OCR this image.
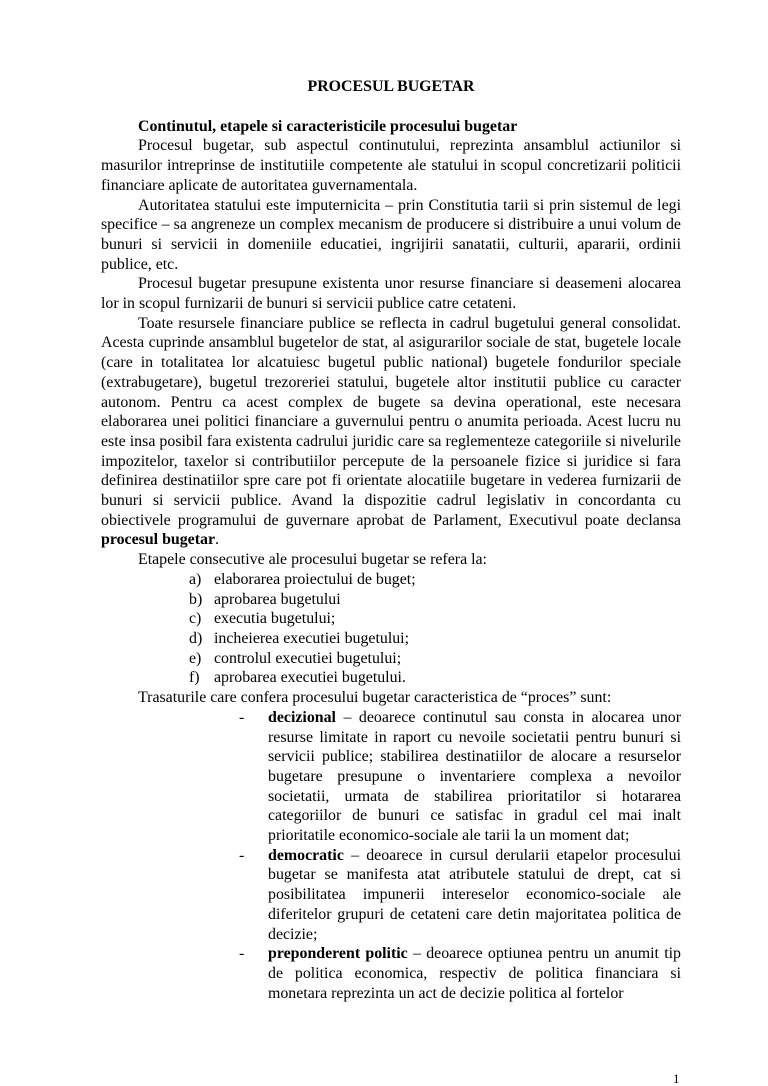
PROCESUL BUGETAR

Continutul, etapele si caracteristicile procesului bugetar

Procesul bugetar, sub aspectul continutului, reprezinta ansamblul actiunilor si masurilor intreprinse de institutiile competente ale statului in scopul concretizarii politicii financiare aplicate de autoritatea guvernamentala.

Autoritatea statului este imputernicita – prin Constitutia tarii si prin sistemul de legi specifice – sa angreneze un complex mecanism de producere si distribuire a unui volum de bunuri si servicii in domeniile educatiei, ingrijirii sanatatii, culturii, apararii, ordinii publice, etc.

Procesul bugetar presupune existenta unor resurse financiare si deasemeni alocarea lor in scopul furnizarii de bunuri si servicii publice catre cetateni.

Toate resursele financiare publice se reflecta in cadrul bugetului general consolidat. Acesta cuprinde ansamblul bugetelor de stat, al asigurarilor sociale de stat, bugetele locale (care in totalitatea lor alcatuiesc bugetul public national) bugetele fondurilor speciale (extrabugetare), bugetul trezoreriei statului, bugetele altor institutii publice cu caracter autonom. Pentru ca acest complex de bugete sa devina operational, este necesara elaborarea unei politici financiare a guvernului pentru o anumita perioada. Acest lucru nu este insa posibil fara existenta cadrului juridic care sa reglementeze categoriile si nivelurile impozitelor, taxelor si contributiilor percepute de la persoanele fizice si juridice si fara definirea destinatiilor spre care pot fi orientate alocatiile bugetare in vederea furnizarii de bunuri si servicii publice. Avand la dispozitie cadrul legislativ in concordanta cu obiectivele programului de guvernare aprobat de Parlament, Executivul poate declansa procesul bugetar.

Etapele consecutive ale procesului bugetar se refera la:

a) elaborarea proiectului de buget;
b) aprobarea bugetului
c) executia bugetului;
d) incheierea executiei bugetului;
e) controlul executiei bugetului;
f) aprobarea executiei bugetului.

Trasaturile care confera procesului bugetar caracteristica de “proces” sunt:

- decizional – deoarece continutul sau consta in alocarea unor resurse limitate in raport cu nevoile societatii pentru bunuri si servicii publice; stabilirea destinatiilor de alocare a resurselor bugetare presupune o inventariere complexa a nevoilor societatii, urmata de stabilirea prioritatilor si hotararea categoriilor de bunuri ce satisfac in gradul cel mai inalt prioritatile economico-sociale ale tarii la un moment dat;
- democratic – deoarece in cursul derularii etapelor procesului bugetar se manifesta atat atributele statului de drept, cat si posibilitatea impunerii intereselor economico-sociale ale diferitelor grupuri de cetateni care detin majoritatea politica de decizie;
- preponderent politic – deoarece optiunea pentru un anumit tip de politica economica, respectiv de politica financiara si monetara reprezinta un act de decizie politica al fortelor
1
